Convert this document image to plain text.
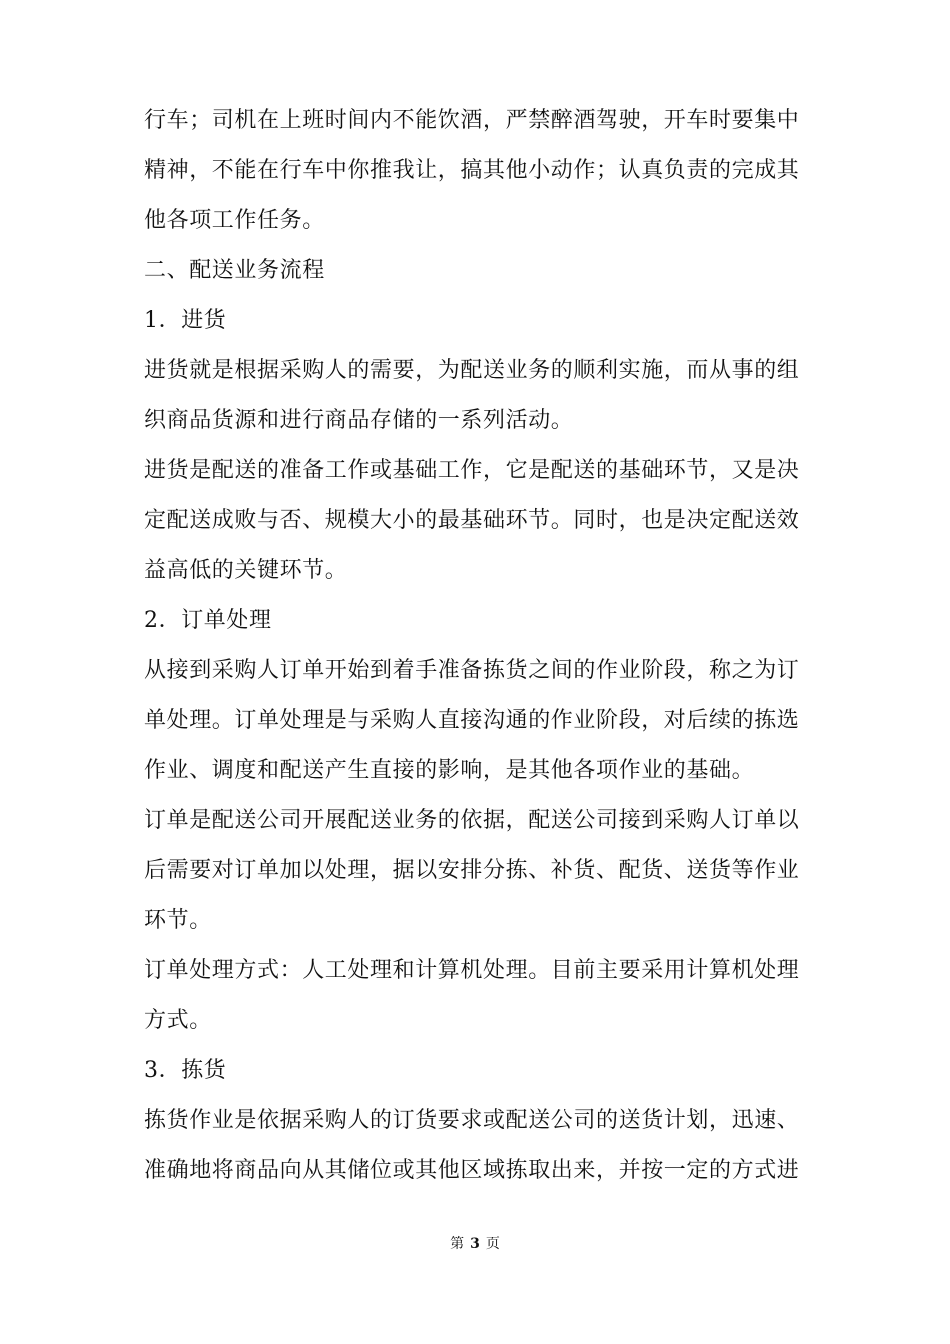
行车；司机在上班时间内不能饮酒，严禁醉酒驾驶，开车时要集中
精神，不能在行车中你推我让，搞其他小动作；认真负责的完成其
他各项工作任务。
二、配送业务流程
1．进货
进货就是根据采购人的需要，为配送业务的顺利实施，而从事的组
织商品货源和进行商品存储的一系列活动。
进货是配送的准备工作或基础工作，它是配送的基础环节，又是决
定配送成败与否、规模大小的最基础环节。同时，也是决定配送效
益高低的关键环节。
2．订单处理
从接到采购人订单开始到着手准备拣货之间的作业阶段，称之为订
单处理。订单处理是与采购人直接沟通的作业阶段，对后续的拣选
作业、调度和配送产生直接的影响，是其他各项作业的基础。
订单是配送公司开展配送业务的依据，配送公司接到采购人订单以
后需要对订单加以处理，据以安排分拣、补货、配货、送货等作业
环节。
订单处理方式：人工处理和计算机处理。目前主要采用计算机处理
方式。
3．拣货
拣货作业是依据采购人的订货要求或配送公司的送货计划，迅速、
准确地将商品向从其储位或其他区域拣取出来，并按一定的方式进
第 3 页
